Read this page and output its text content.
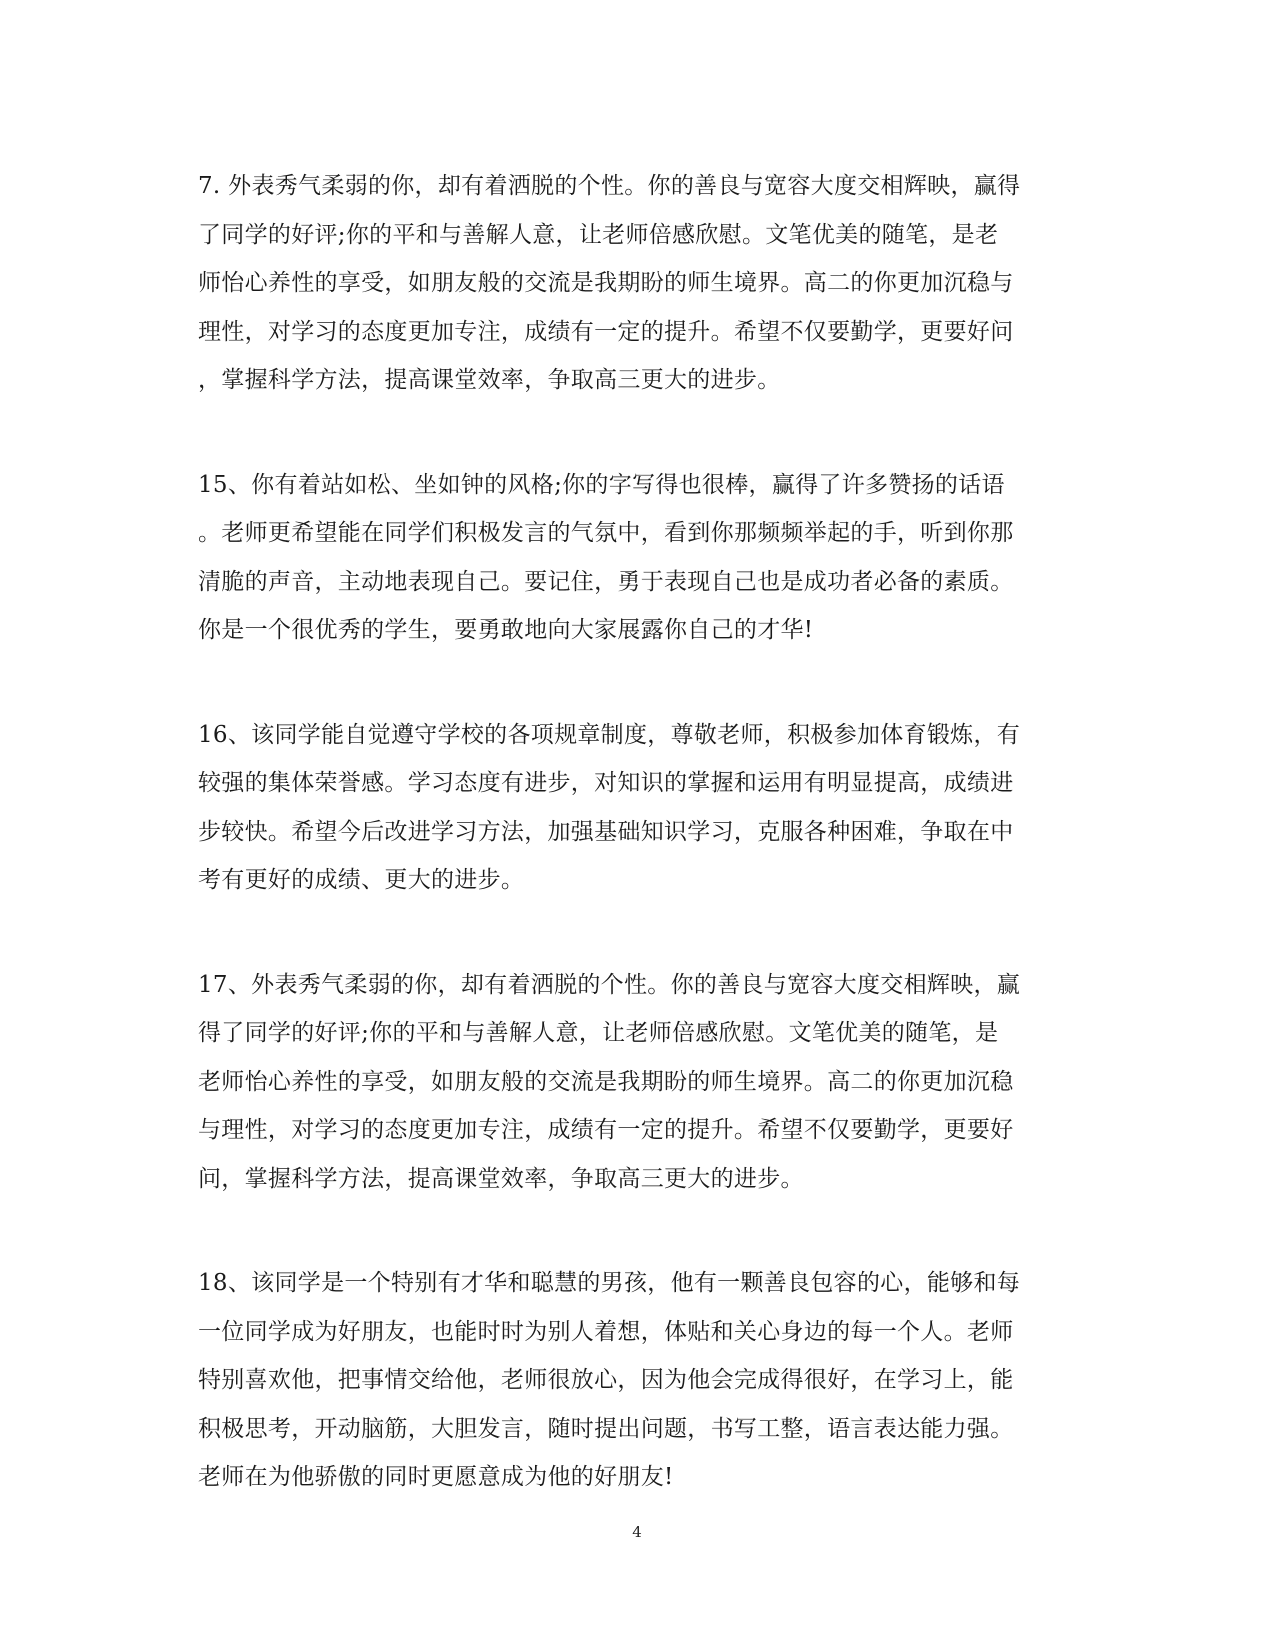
7. 外表秀气柔弱的你，却有着洒脱的个性。你的善良与宽容大度交相辉映，赢得
了同学的好评;你的平和与善解人意，让老师倍感欣慰。文笔优美的随笔，是老
师怡心养性的享受，如朋友般的交流是我期盼的师生境界。高二的你更加沉稳与
理性，对学习的态度更加专注，成绩有一定的提升。希望不仅要勤学，更要好问
，掌握科学方法，提高课堂效率，争取高三更大的进步。

15、你有着站如松、坐如钟的风格;你的字写得也很棒，赢得了许多赞扬的话语
。老师更希望能在同学们积极发言的气氛中，看到你那频频举起的手，听到你那
清脆的声音，主动地表现自己。要记住，勇于表现自己也是成功者必备的素质。
你是一个很优秀的学生，要勇敢地向大家展露你自己的才华!

16、该同学能自觉遵守学校的各项规章制度，尊敬老师，积极参加体育锻炼，有
较强的集体荣誉感。学习态度有进步，对知识的掌握和运用有明显提高，成绩进
步较快。希望今后改进学习方法，加强基础知识学习，克服各种困难，争取在中
考有更好的成绩、更大的进步。

17、外表秀气柔弱的你，却有着洒脱的个性。你的善良与宽容大度交相辉映，赢
得了同学的好评;你的平和与善解人意，让老师倍感欣慰。文笔优美的随笔，是
老师怡心养性的享受，如朋友般的交流是我期盼的师生境界。高二的你更加沉稳
与理性，对学习的态度更加专注，成绩有一定的提升。希望不仅要勤学，更要好
问，掌握科学方法，提高课堂效率，争取高三更大的进步。

18、该同学是一个特别有才华和聪慧的男孩，他有一颗善良包容的心，能够和每
一位同学成为好朋友，也能时时为别人着想，体贴和关心身边的每一个人。老师
特别喜欢他，把事情交给他，老师很放心，因为他会完成得很好，在学习上，能
积极思考，开动脑筋，大胆发言，随时提出问题，书写工整，语言表达能力强。
老师在为他骄傲的同时更愿意成为他的好朋友!

4
